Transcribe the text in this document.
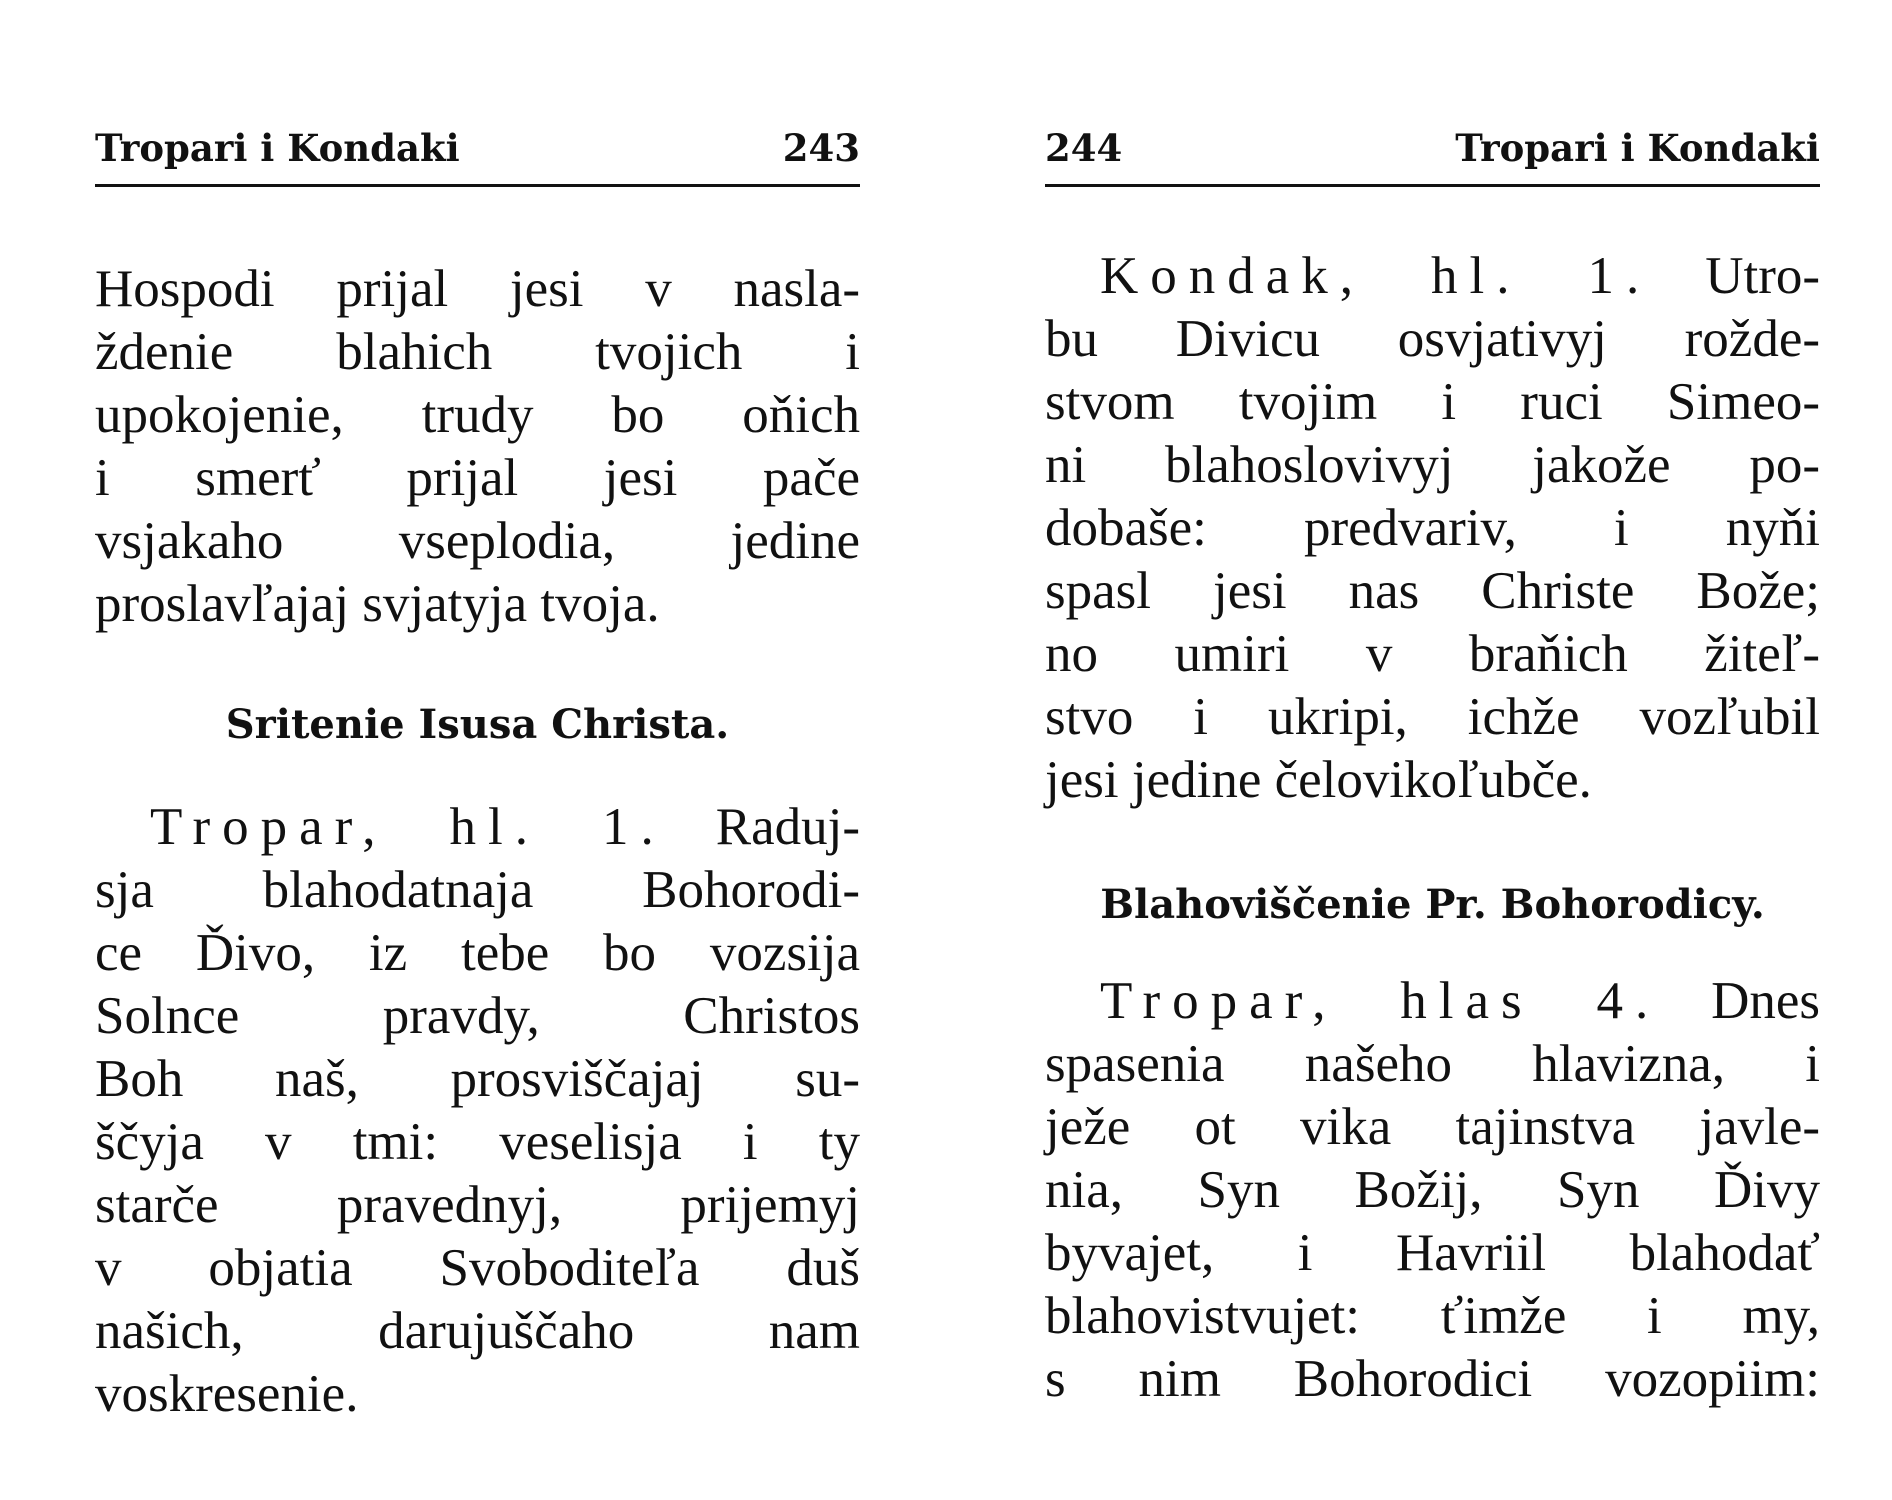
Tropari i Kondaki	243
Hospodi prijal jesi v nasla-
ždenie blahich tvojich i
upokojenie, trudy bo oňich
i smerť prijal jesi pače
vsjakaho vseplodia, jedine
proslavľajaj svjatyja tvoja.
Sritenie Isusa Christa.
Tropar, hl. 1. Raduj-
sja blahodatnaja Bohorodi-
ce Ďivo, iz tebe bo vozsija
Solnce pravdy, Christos
Boh naš, prosviščajaj su-
ščyja v tmi: veselisja i ty
starče pravednyj, prijemyj
v objatia Svoboditeľa duš
našich, darujuščaho nam
voskresenie.
244	Tropari i Kondaki
Kondak, hl. 1. Utro-
bu Divicu osvjativyj roždе-
stvom tvojim i ruci Simeo-
ni blahoslovivyj jakože po-
dobaše: predvariv, i nyňi
spasl jesi nas Christe Bože;
no umiri v braňich žiteľ-
stvo i ukripi, ichže vozľubil
jesi jedine čelovikoľubče.
Blahoviščenie Pr. Bohorodicy.
Tropar, hlas 4. Dnes
spasenia našeho hlavizna, i
ježe ot vika tajinstva javle-
nia, Syn Božij, Syn Ďivy
byvajet, i Havriil blahodať
blahovistvujet: ťimže i my,
s nim Bohorodici vozopiim:
